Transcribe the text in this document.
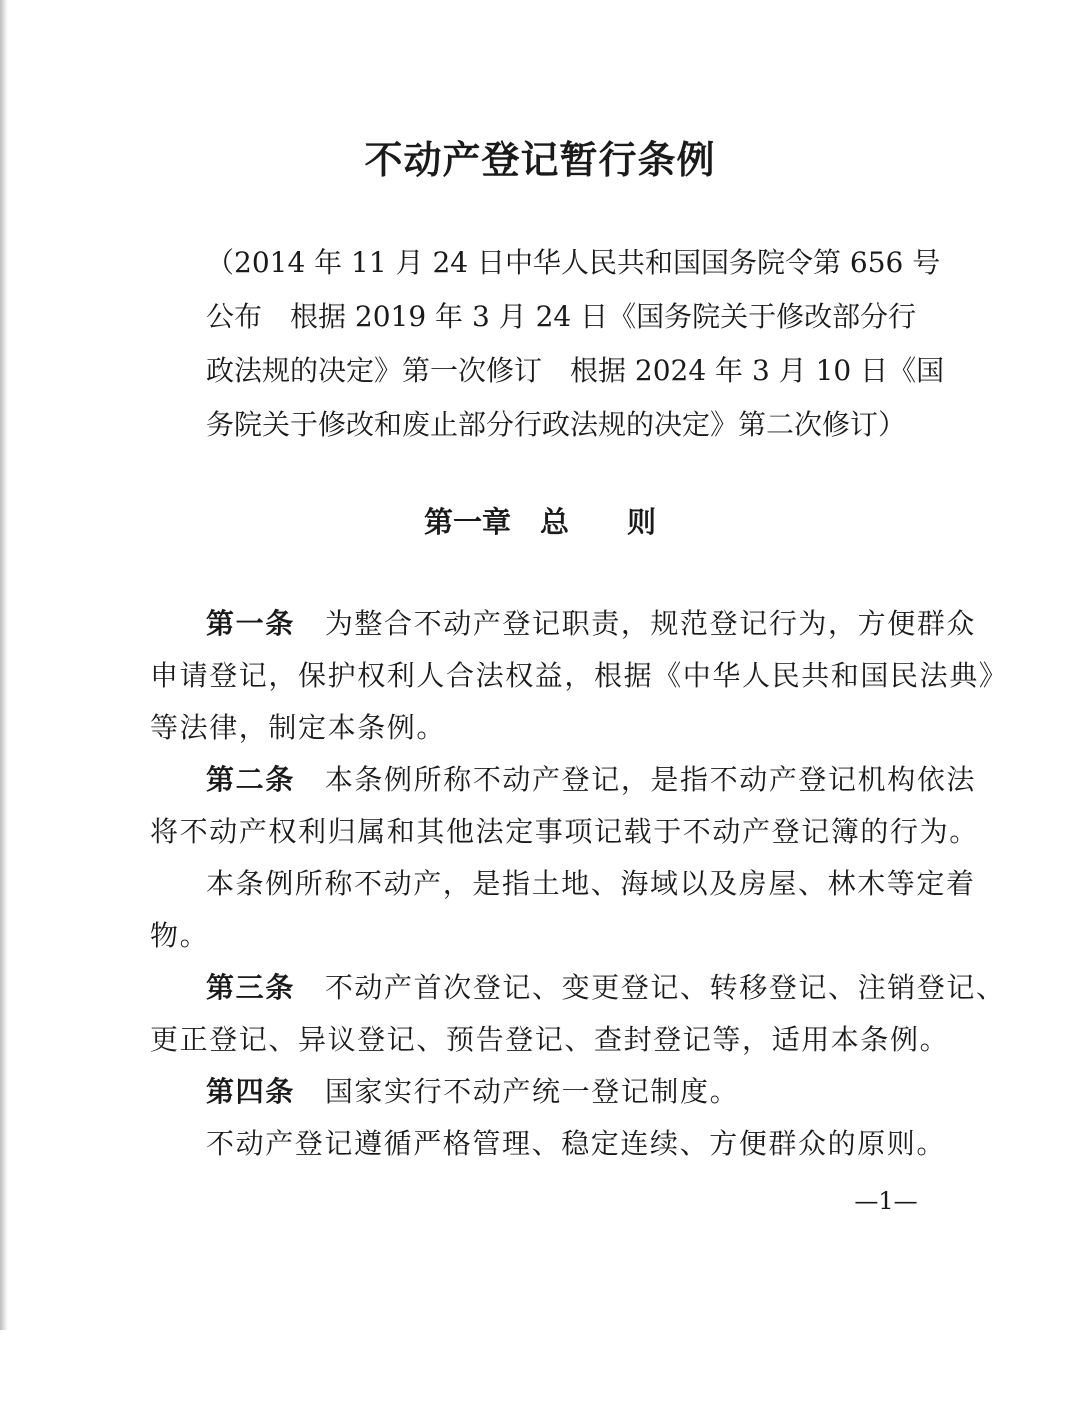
不动产登记暂行条例
（2014 年 11 月 24 日中华人民共和国国务院令第 656 号
公布　根据 2019 年 3 月 24 日《国务院关于修改部分行
政法规的决定》第一次修订　根据 2024 年 3 月 10 日《国
务院关于修改和废止部分行政法规的决定》第二次修订）
第一章　总　　则
第一条 为整合不动产登记职责，规范登记行为，方便群众
申请登记，保护权利人合法权益，根据《中华人民共和国民法典》
等法律，制定本条例。
第二条 本条例所称不动产登记，是指不动产登记机构依法
将不动产权利归属和其他法定事项记载于不动产登记簿的行为。
本条例所称不动产，是指土地、海域以及房屋、林木等定着
物。
第三条 不动产首次登记、变更登记、转移登记、注销登记、
更正登记、异议登记、预告登记、查封登记等，适用本条例。
第四条 国家实行不动产统一登记制度。
不动产登记遵循严格管理、稳定连续、方便群众的原则。

—1—
